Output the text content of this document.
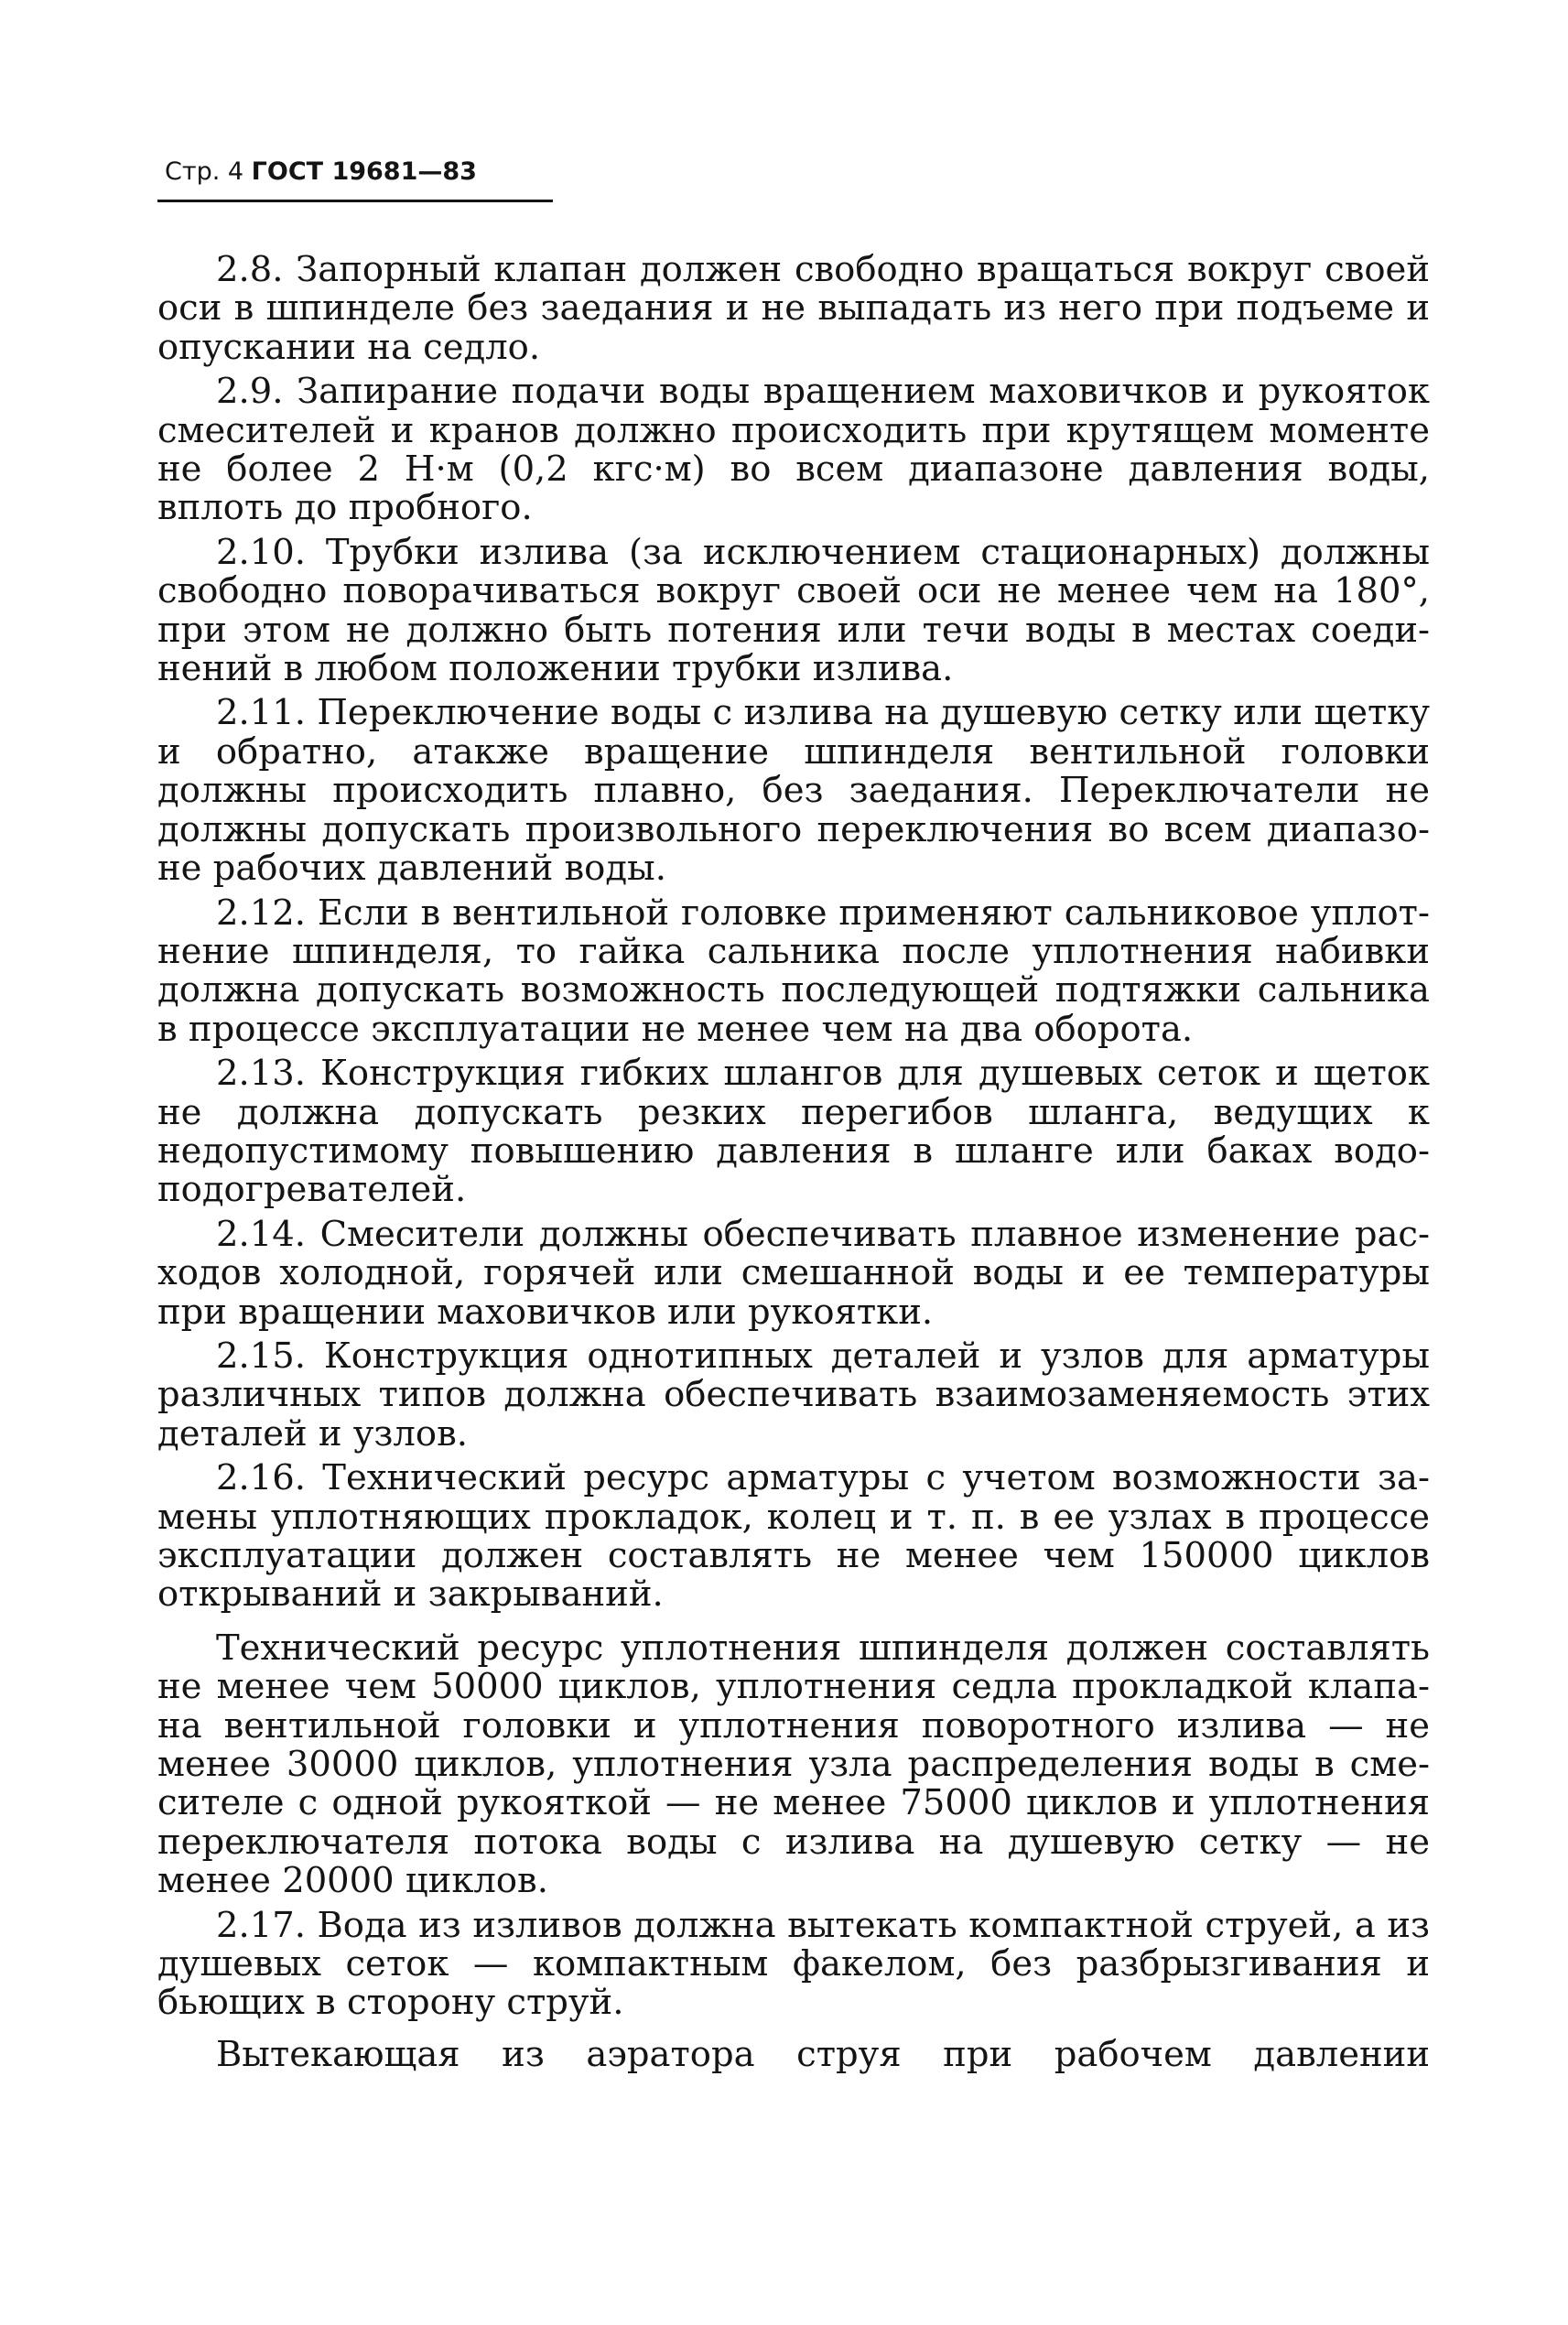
Стр. 4 ГОСТ 19681—83

2.8. Запорный клапан должен свободно вращаться вокруг своей оси в шпинделе без заедания и не выпадать из него при подъеме и опускании на седло.

2.9. Запирание подачи воды вращением маховичков и рукояток смесителей и кранов должно происходить при крутящем моменте не более 2 Н·м (0,2 кгс·м) во всем диапазоне давления воды, вплоть до пробного.

2.10. Трубки излива (за исключением стационарных) должны свободно поворачиваться вокруг своей оси не менее чем на 180°, при этом не должно быть потения или течи воды в местах соединений в любом положении трубки излива.

2.11. Переключение воды с излива на душевую сетку или щетку и обратно, атакже вращение шпинделя вентильной головки должны происходить плавно, без заедания. Переключатели не должны допускать произвольного переключения во всем диапазоне рабочих давлений воды.

2.12. Если в вентильной головке применяют сальниковое уплотнение шпинделя, то гайка сальника после уплотнения набивки должна допускать возможность последующей подтяжки сальника в процессе эксплуатации не менее чем на два оборота.

2.13. Конструкция гибких шлангов для душевых сеток и щеток не должна допускать резких перегибов шланга, ведущих к недопустимому повышению давления в шланге или баках водоподогревателей.

2.14. Смесители должны обеспечивать плавное изменение расходов холодной, горячей или смешанной воды и ее температуры при вращении маховичков или рукоятки.

2.15. Конструкция однотипных деталей и узлов для арматуры различных типов должна обеспечивать взаимозаменяемость этих деталей и узлов.

2.16. Технический ресурс арматуры с учетом возможности замены уплотняющих прокладок, колец и т. п. в ее узлах в процессе эксплуатации должен составлять не менее чем 150000 циклов открываний и закрываний.

Технический ресурс уплотнения шпинделя должен составлять не менее чем 50000 циклов, уплотнения седла прокладкой клапана вентильной головки и уплотнения поворотного излива — не менее 30000 циклов, уплотнения узла распределения воды в смесителе с одной рукояткой — не менее 75000 циклов и уплотнения переключателя потока воды с излива на душевую сетку — не менее 20000 циклов.

2.17. Вода из изливов должна вытекать компактной струей, а из душевых сеток — компактным факелом, без разбрызгивания и бьющих в сторону струй.

Вытекающая из аэратора струя при рабочем давлении
